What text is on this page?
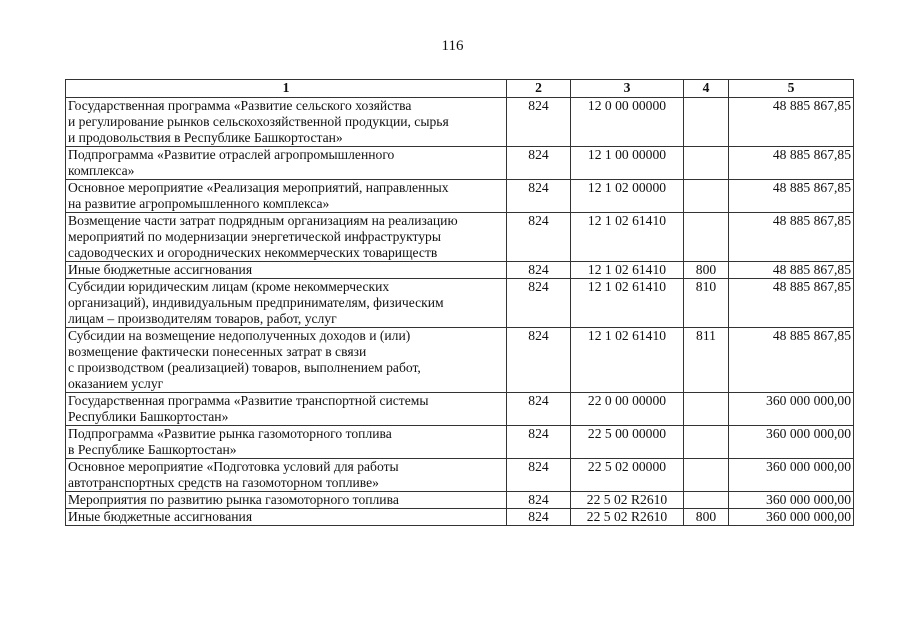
116
1	2	3	4	5
Государственная программа «Развитие сельского хозяйства
и регулирование рынков сельскохозяйственной продукции, сырья
и продовольствия в Республике Башкортостан»	824	12 0 00 00000		48 885 867,85
Подпрограмма «Развитие отраслей агропромышленного
комплекса»	824	12 1 00 00000		48 885 867,85
Основное мероприятие «Реализация мероприятий, направленных
на развитие агропромышленного комплекса»	824	12 1 02 00000		48 885 867,85
Возмещение части затрат подрядным организациям на реализацию
мероприятий по модернизации энергетической инфраструктуры
садоводческих и огороднических некоммерческих товариществ	824	12 1 02 61410		48 885 867,85
Иные бюджетные ассигнования	824	12 1 02 61410	800	48 885 867,85
Субсидии юридическим лицам (кроме некоммерческих
организаций), индивидуальным предпринимателям, физическим
лицам – производителям товаров, работ, услуг	824	12 1 02 61410	810	48 885 867,85
Субсидии на возмещение недополученных доходов и (или)
возмещение фактически понесенных затрат в связи
с производством (реализацией) товаров, выполнением работ,
оказанием услуг	824	12 1 02 61410	811	48 885 867,85
Государственная программа «Развитие транспортной системы
Республики Башкортостан»	824	22 0 00 00000		360 000 000,00
Подпрограмма «Развитие рынка газомоторного топлива
в Республике Башкортостан»	824	22 5 00 00000		360 000 000,00
Основное мероприятие «Подготовка условий для работы
автотранспортных средств на газомоторном топливе»	824	22 5 02 00000		360 000 000,00
Мероприятия по развитию рынка газомоторного топлива	824	22 5 02 R2610		360 000 000,00
Иные бюджетные ассигнования	824	22 5 02 R2610	800	360 000 000,00
